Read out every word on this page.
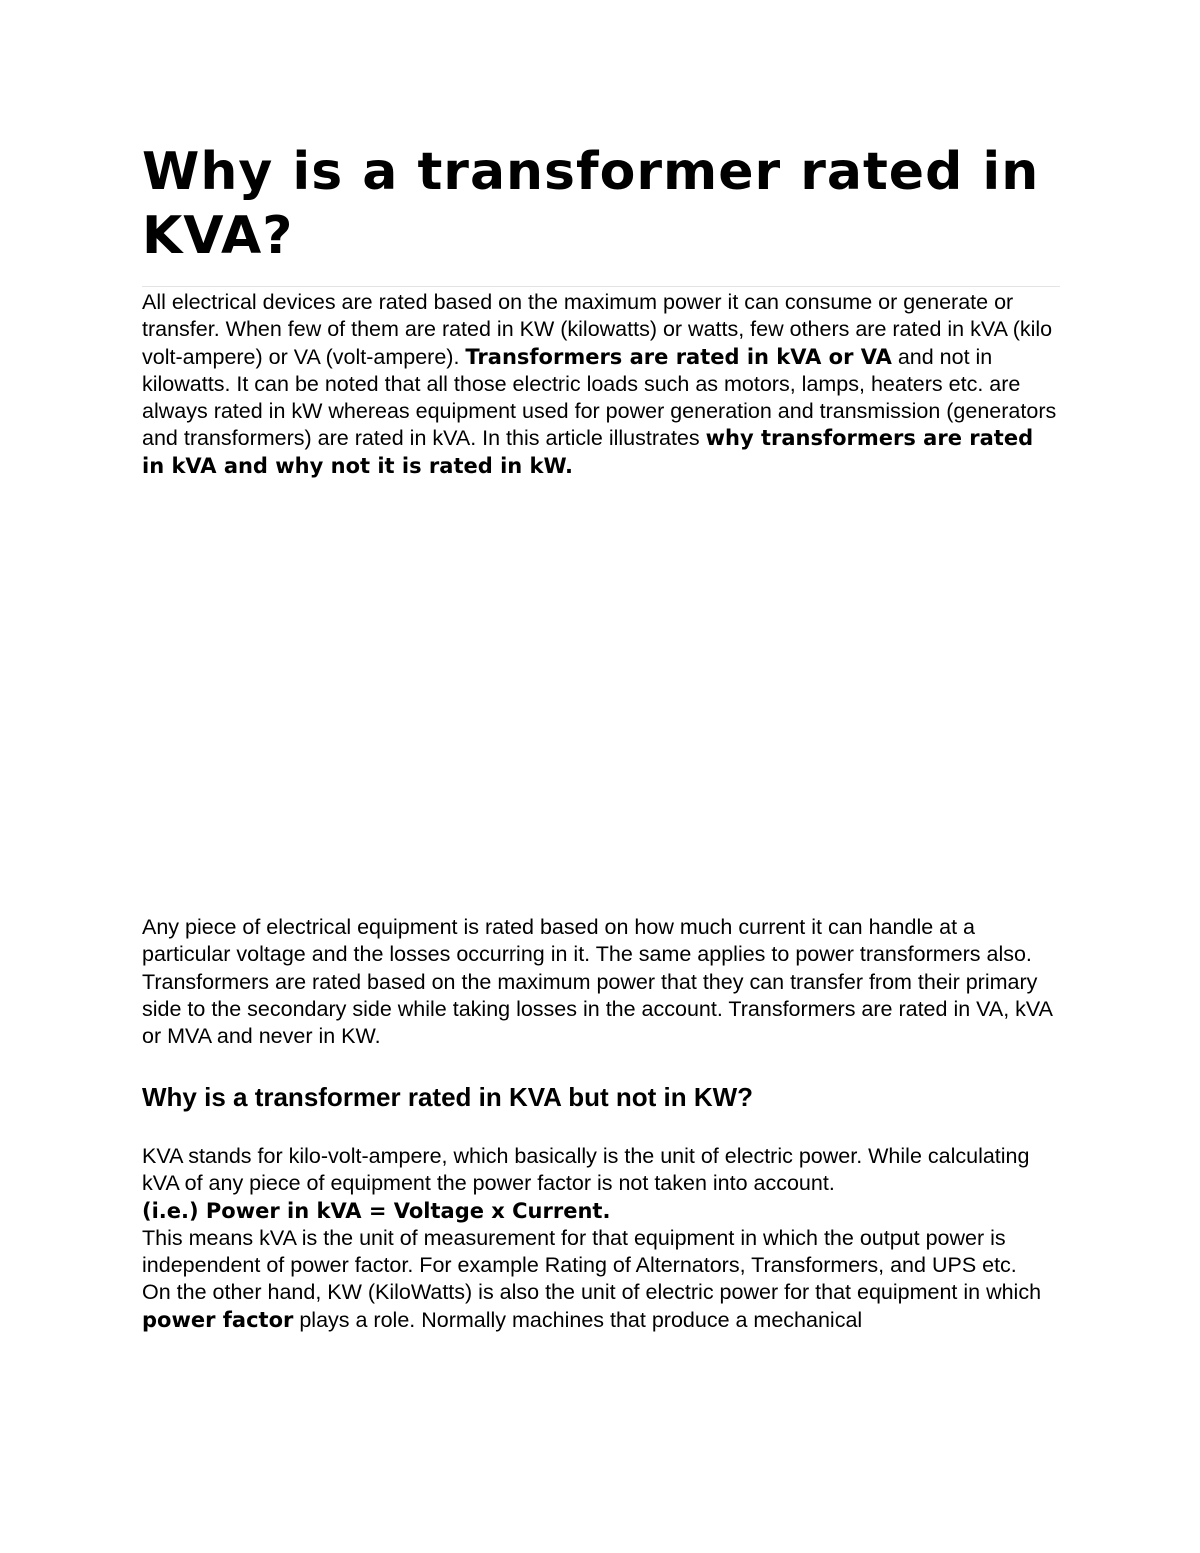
Why is a transformer rated in KVA?

All electrical devices are rated based on the maximum power it can consume or generate or transfer. When few of them are rated in KW (kilowatts) or watts, few others are rated in kVA (kilo volt-ampere) or VA (volt-ampere). Transformers are rated in kVA or VA and not in kilowatts. It can be noted that all those electric loads such as motors, lamps, heaters etc. are always rated in kW whereas equipment used for power generation and transmission (generators and transformers) are rated in kVA. In this article illustrates why transformers are rated in kVA and why not it is rated in kW.

Any piece of electrical equipment is rated based on how much current it can handle at a particular voltage and the losses occurring in it. The same applies to power transformers also. Transformers are rated based on the maximum power that they can transfer from their primary side to the secondary side while taking losses in the account. Transformers are rated in VA, kVA or MVA and never in KW.

Why is a transformer rated in KVA but not in KW?
KVA stands for kilo-volt-ampere, which basically is the unit of electric power. While calculating kVA of any piece of equipment the power factor is not taken into account.
(i.e.) Power in kVA = Voltage x Current.
This means kVA is the unit of measurement for that equipment in which the output power is independent of power factor. For example Rating of Alternators, Transformers, and UPS etc.
On the other hand, KW (KiloWatts) is also the unit of electric power for that equipment in which power factor plays a role. Normally machines that produce a mechanical
